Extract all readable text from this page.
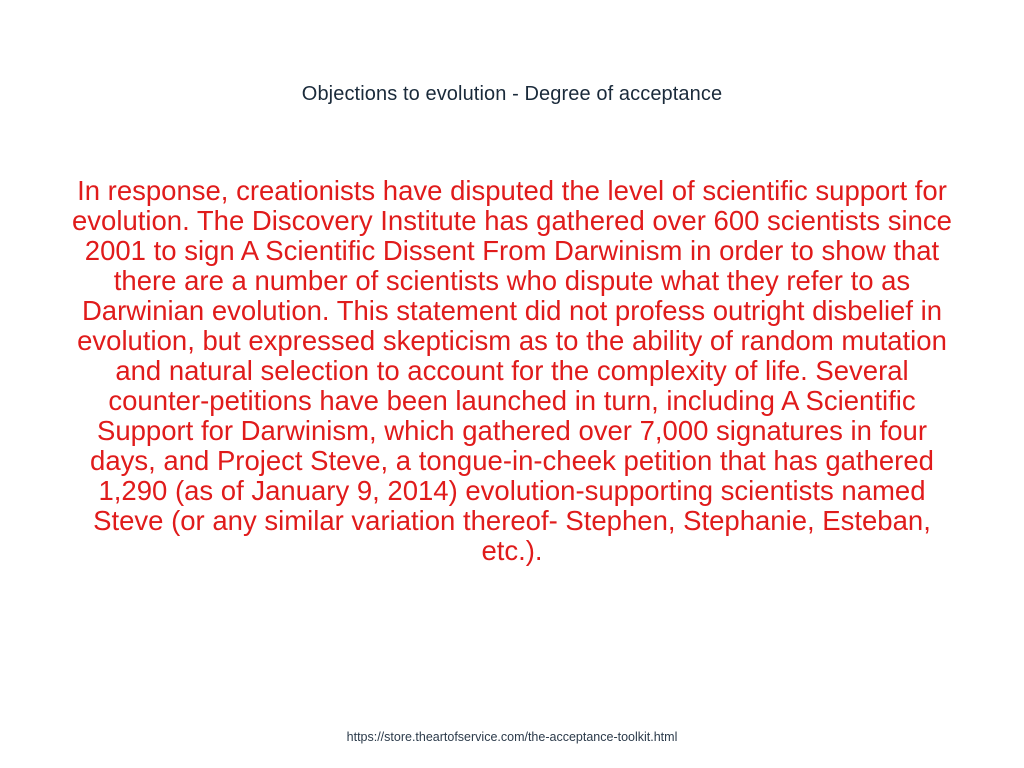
Objections to evolution - Degree of acceptance
In response, creationists have disputed the level of scientific support for evolution. The Discovery Institute has gathered over 600 scientists since 2001 to sign A Scientific Dissent From Darwinism in order to show that there are a number of scientists who dispute what they refer to as Darwinian evolution. This statement did not profess outright disbelief in evolution, but expressed skepticism as to the ability of random mutation and natural selection to account for the complexity of life. Several counter-petitions have been launched in turn, including A Scientific Support for Darwinism, which gathered over 7,000 signatures in four days, and Project Steve, a tongue-in-cheek petition that has gathered 1,290 (as of January 9, 2014) evolution-supporting scientists named Steve (or any similar variation thereof- Stephen, Stephanie, Esteban, etc.).
https://store.theartofservice.com/the-acceptance-toolkit.html
